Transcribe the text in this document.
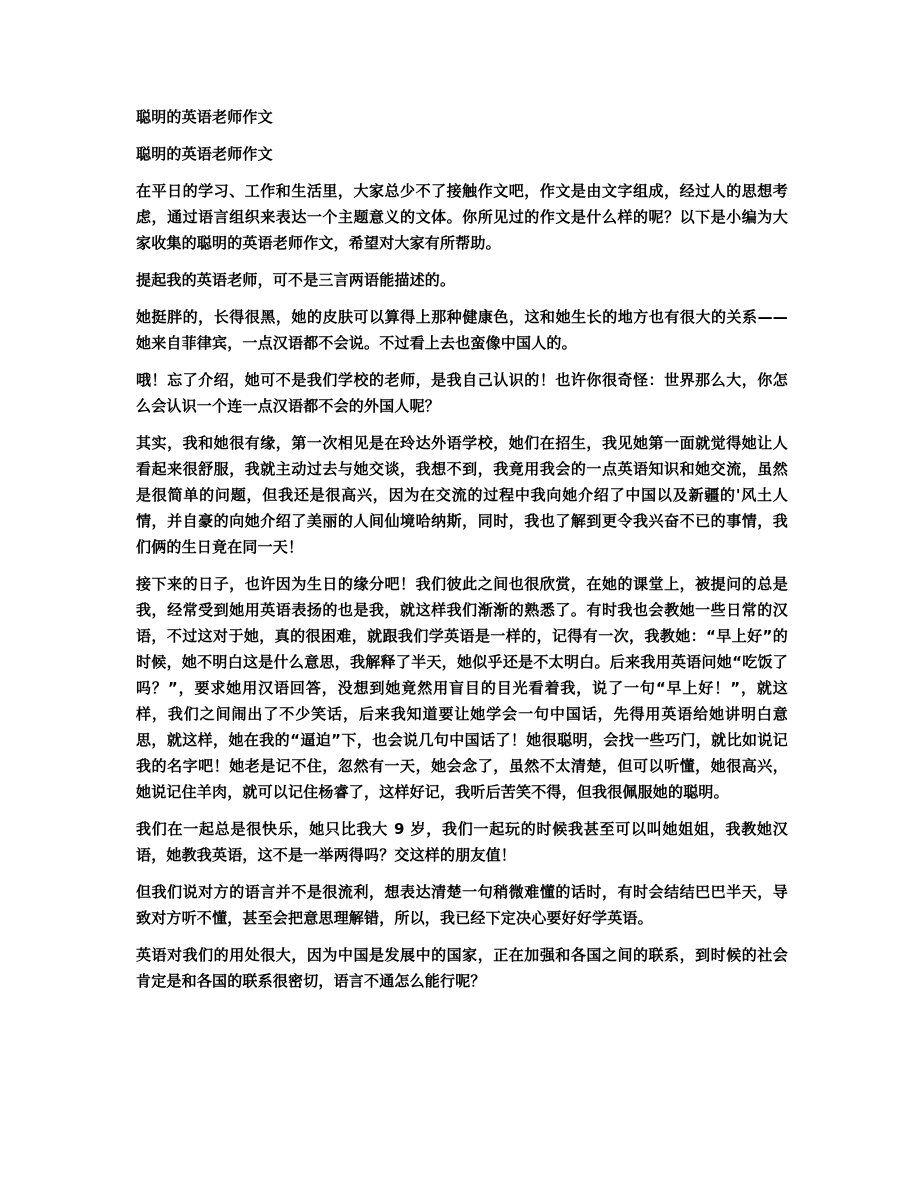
聪明的英语老师作文

聪明的英语老师作文

在平日的学习、工作和生活里，大家总少不了接触作文吧，作文是由文字组成，经过人的思想考虑，通过语言组织来表达一个主题意义的文体。你所见过的作文是什么样的呢？以下是小编为大家收集的聪明的英语老师作文，希望对大家有所帮助。

提起我的英语老师，可不是三言两语能描述的。

她挺胖的，长得很黑，她的皮肤可以算得上那种健康色，这和她生长的地方也有很大的关系——她来自菲律宾，一点汉语都不会说。不过看上去也蛮像中国人的。

哦！忘了介绍，她可不是我们学校的老师，是我自己认识的！也许你很奇怪：世界那么大，你怎么会认识一个连一点汉语都不会的外国人呢？

其实，我和她很有缘，第一次相见是在玲达外语学校，她们在招生，我见她第一面就觉得她让人看起来很舒服，我就主动过去与她交谈，我想不到，我竟用我会的一点英语知识和她交流，虽然是很简单的问题，但我还是很高兴，因为在交流的过程中我向她介绍了中国以及新疆的'风土人情，并自豪的向她介绍了美丽的人间仙境哈纳斯，同时，我也了解到更令我兴奋不已的事情，我们俩的生日竟在同一天！

接下来的日子，也许因为生日的缘分吧！我们彼此之间也很欣赏，在她的课堂上，被提问的总是我，经常受到她用英语表扬的也是我，就这样我们渐渐的熟悉了。有时我也会教她一些日常的汉语，不过这对于她，真的很困难，就跟我们学英语是一样的，记得有一次，我教她：“早上好”的时候，她不明白这是什么意思，我解释了半天，她似乎还是不太明白。后来我用英语问她“吃饭了吗？”，要求她用汉语回答，没想到她竟然用盲目的目光看着我，说了一句“早上好！”，就这样，我们之间闹出了不少笑话，后来我知道要让她学会一句中国话，先得用英语给她讲明白意思，就这样，她在我的“逼迫”下，也会说几句中国话了！她很聪明，会找一些巧门，就比如说记我的名字吧！她老是记不住，忽然有一天，她会念了，虽然不太清楚，但可以听懂，她很高兴，她说记住羊肉，就可以记住杨睿了，这样好记，我听后苦笑不得，但我很佩服她的聪明。

我们在一起总是很快乐，她只比我大 9 岁，我们一起玩的时候我甚至可以叫她姐姐，我教她汉语，她教我英语，这不是一举两得吗？交这样的朋友值！

但我们说对方的语言并不是很流利，想表达清楚一句稍微难懂的话时，有时会结结巴巴半天，导致对方听不懂，甚至会把意思理解错，所以，我已经下定决心要好好学英语。

英语对我们的用处很大，因为中国是发展中的国家，正在加强和各国之间的联系，到时候的社会肯定是和各国的联系很密切，语言不通怎么能行呢？
